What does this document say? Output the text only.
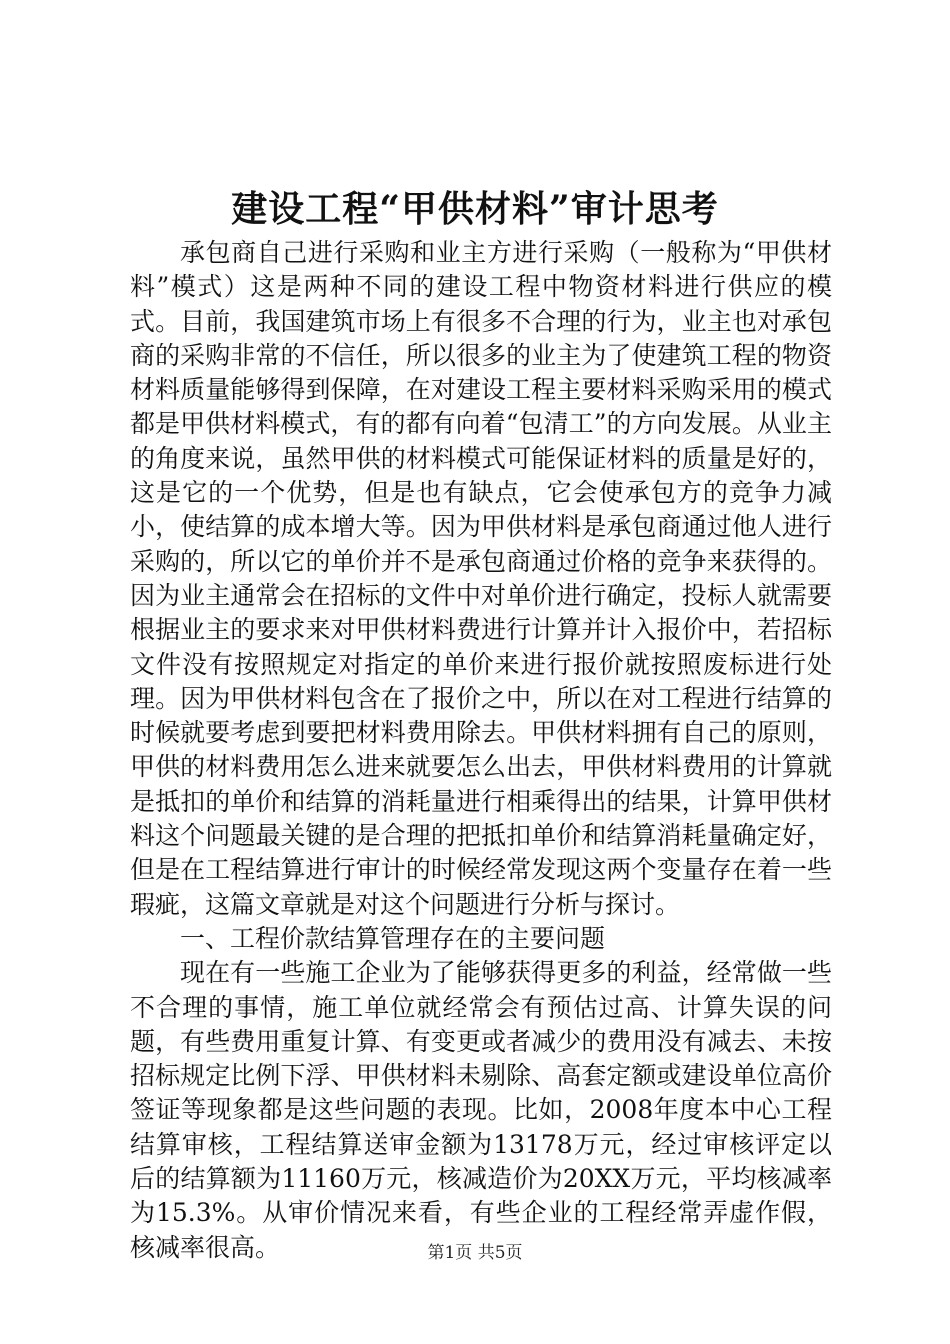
建设工程“甲供材料”审计思考

承包商自己进行采购和业主方进行采购（一般称为“甲供材料”模式）这是两种不同的建设工程中物资材料进行供应的模式。目前，我国建筑市场上有很多不合理的行为，业主也对承包商的采购非常的不信任，所以很多的业主为了使建筑工程的物资材料质量能够得到保障，在对建设工程主要材料采购采用的模式都是甲供材料模式，有的都有向着“包清工”的方向发展。从业主的角度来说，虽然甲供的材料模式可能保证材料的质量是好的，这是它的一个优势，但是也有缺点，它会使承包方的竞争力减小，使结算的成本增大等。因为甲供材料是承包商通过他人进行采购的，所以它的单价并不是承包商通过价格的竞争来获得的。因为业主通常会在招标的文件中对单价进行确定，投标人就需要根据业主的要求来对甲供材料费进行计算并计入报价中，若招标文件没有按照规定对指定的单价来进行报价就按照废标进行处理。因为甲供材料包含在了报价之中，所以在对工程进行结算的时候就要考虑到要把材料费用除去。甲供材料拥有自己的原则，甲供的材料费用怎么进来就要怎么出去，甲供材料费用的计算就是抵扣的单价和结算的消耗量进行相乘得出的结果，计算甲供材料这个问题最关键的是合理的把抵扣单价和结算消耗量确定好，但是在工程结算进行审计的时候经常发现这两个变量存在着一些瑕疵，这篇文章就是对这个问题进行分析与探讨。

一、工程价款结算管理存在的主要问题

现在有一些施工企业为了能够获得更多的利益，经常做一些不合理的事情，施工单位就经常会有预估过高、计算失误的问题，有些费用重复计算、有变更或者减少的费用没有减去、未按招标规定比例下浮、甲供材料未剔除、高套定额或建设单位高价签证等现象都是这些问题的表现。比如，2008年度本中心工程结算审核，工程结算送审金额为13178万元，经过审核评定以后的结算额为11160万元，核减造价为20XX万元，平均核减率为15.3%。从审价情况来看，有些企业的工程经常弄虚作假，核减率很高。	第1页 共5页
